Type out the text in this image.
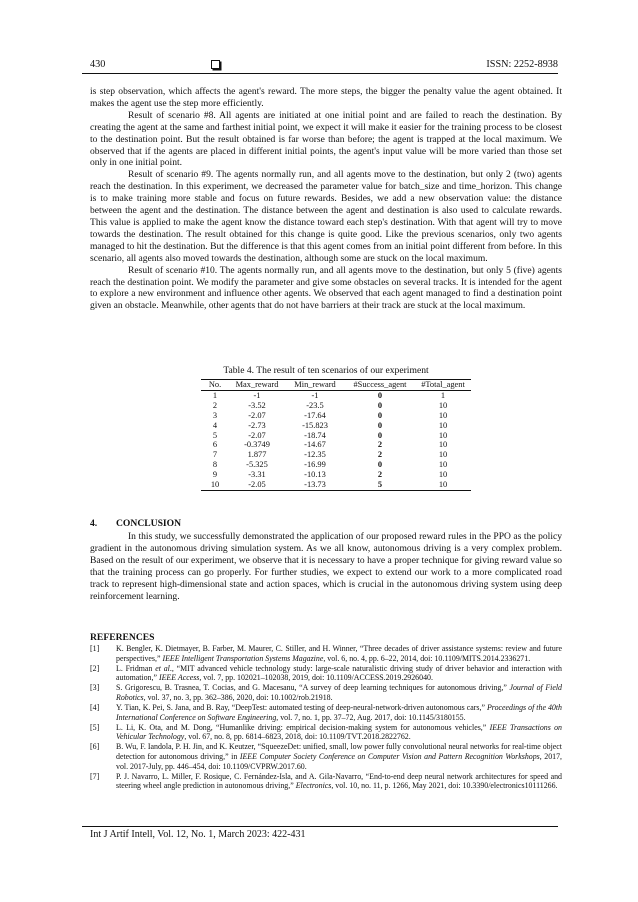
430	ISSN: 2252-8938

is step observation, which affects the agent's reward. The more steps, the bigger the penalty value the agent obtained. It makes the agent use the step more efficiently.

Result of scenario #8. All agents are initiated at one initial point and are failed to reach the destination. By creating the agent at the same and farthest initial point, we expect it will make it easier for the training process to be closest to the destination point. But the result obtained is far worse than before; the agent is trapped at the local maximum. We observed that if the agents are placed in different initial points, the agent's input value will be more varied than those set only in one initial point.

Result of scenario #9. The agents normally run, and all agents move to the destination, but only 2 (two) agents reach the destination. In this experiment, we decreased the parameter value for batch_size and time_horizon. This change is to make training more stable and focus on future rewards. Besides, we add a new observation value: the distance between the agent and the destination. The distance between the agent and destination is also used to calculate rewards. This value is applied to make the agent know the distance toward each step's destination. With that agent will try to move towards the destination. The result obtained for this change is quite good. Like the previous scenarios, only two agents managed to hit the destination. But the difference is that this agent comes from an initial point different from before. In this scenario, all agents also moved towards the destination, although some are stuck on the local maximum.

Result of scenario #10. The agents normally run, and all agents move to the destination, but only 5 (five) agents reach the destination point. We modify the parameter and give some obstacles on several tracks. It is intended for the agent to explore a new environment and influence other agents. We observed that each agent managed to find a destination point given an obstacle. Meanwhile, other agents that do not have barriers at their track are stuck at the local maximum.

Table 4. The result of ten scenarios of our experiment
No.	Max_reward	Min_reward	#Success_agent	#Total_agent
1	-1	-1	0	1
2	-3.52	-23.5	0	10
3	-2.07	-17.64	0	10
4	-2.73	-15.823	0	10
5	-2.07	-18.74	0	10
6	-0.3749	-14.67	2	10
7	1.877	-12.35	2	10
8	-5.325	-16.99	0	10
9	-3.31	-10.13	2	10
10	-2.05	-13.73	5	10
4. CONCLUSION

In this study, we successfully demonstrated the application of our proposed reward rules in the PPO as the policy gradient in the autonomous driving simulation system. As we all know, autonomous driving is a very complex problem. Based on the result of our experiment, we observe that it is necessary to have a proper technique for giving reward value so that the training process can go properly. For further studies, we expect to extend our work to a more complicated road track to represent high-dimensional state and action spaces, which is crucial in the autonomous driving system using deep reinforcement learning.

REFERENCES
[1] K. Bengler, K. Dietmayer, B. Farber, M. Maurer, C. Stiller, and H. Winner, “Three decades of driver assistance systems: review and future perspectives,” IEEE Intelligent Transportation Systems Magazine, vol. 6, no. 4, pp. 6–22, 2014, doi: 10.1109/MITS.2014.2336271.
[2] L. Fridman et al., “MIT advanced vehicle technology study: large-scale naturalistic driving study of driver behavior and interaction with automation,” IEEE Access, vol. 7, pp. 102021–102038, 2019, doi: 10.1109/ACCESS.2019.2926040.
[3] S. Grigorescu, B. Trasnea, T. Cocias, and G. Macesanu, “A survey of deep learning techniques for autonomous driving,” Journal of Field Robotics, vol. 37, no. 3, pp. 362–386, 2020, doi: 10.1002/rob.21918.
[4] Y. Tian, K. Pei, S. Jana, and B. Ray, “DeepTest: automated testing of deep-neural-network-driven autonomous cars,” Proceedings of the 40th International Conference on Software Engineering, vol. 7, no. 1, pp. 37–72, Aug. 2017, doi: 10.1145/3180155.
[5] L. Li, K. Ota, and M. Dong, “Humanlike driving: empirical decision-making system for autonomous vehicles,” IEEE Transactions on Vehicular Technology, vol. 67, no. 8, pp. 6814–6823, 2018, doi: 10.1109/TVT.2018.2822762.
[6] B. Wu, F. Iandola, P. H. Jin, and K. Keutzer, “SqueezeDet: unified, small, low power fully convolutional neural networks for real-time object detection for autonomous driving,” in IEEE Computer Society Conference on Computer Vision and Pattern Recognition Workshops, 2017, vol. 2017-July, pp. 446–454, doi: 10.1109/CVPRW.2017.60.
[7] P. J. Navarro, L. Miller, F. Rosique, C. Fernández-Isla, and A. Gila-Navarro, “End-to-end deep neural network architectures for speed and steering wheel angle prediction in autonomous driving,” Electronics, vol. 10, no. 11, p. 1266, May 2021, doi: 10.3390/electronics10111266.
Int J Artif Intell, Vol. 12, No. 1, March 2023: 422-431
